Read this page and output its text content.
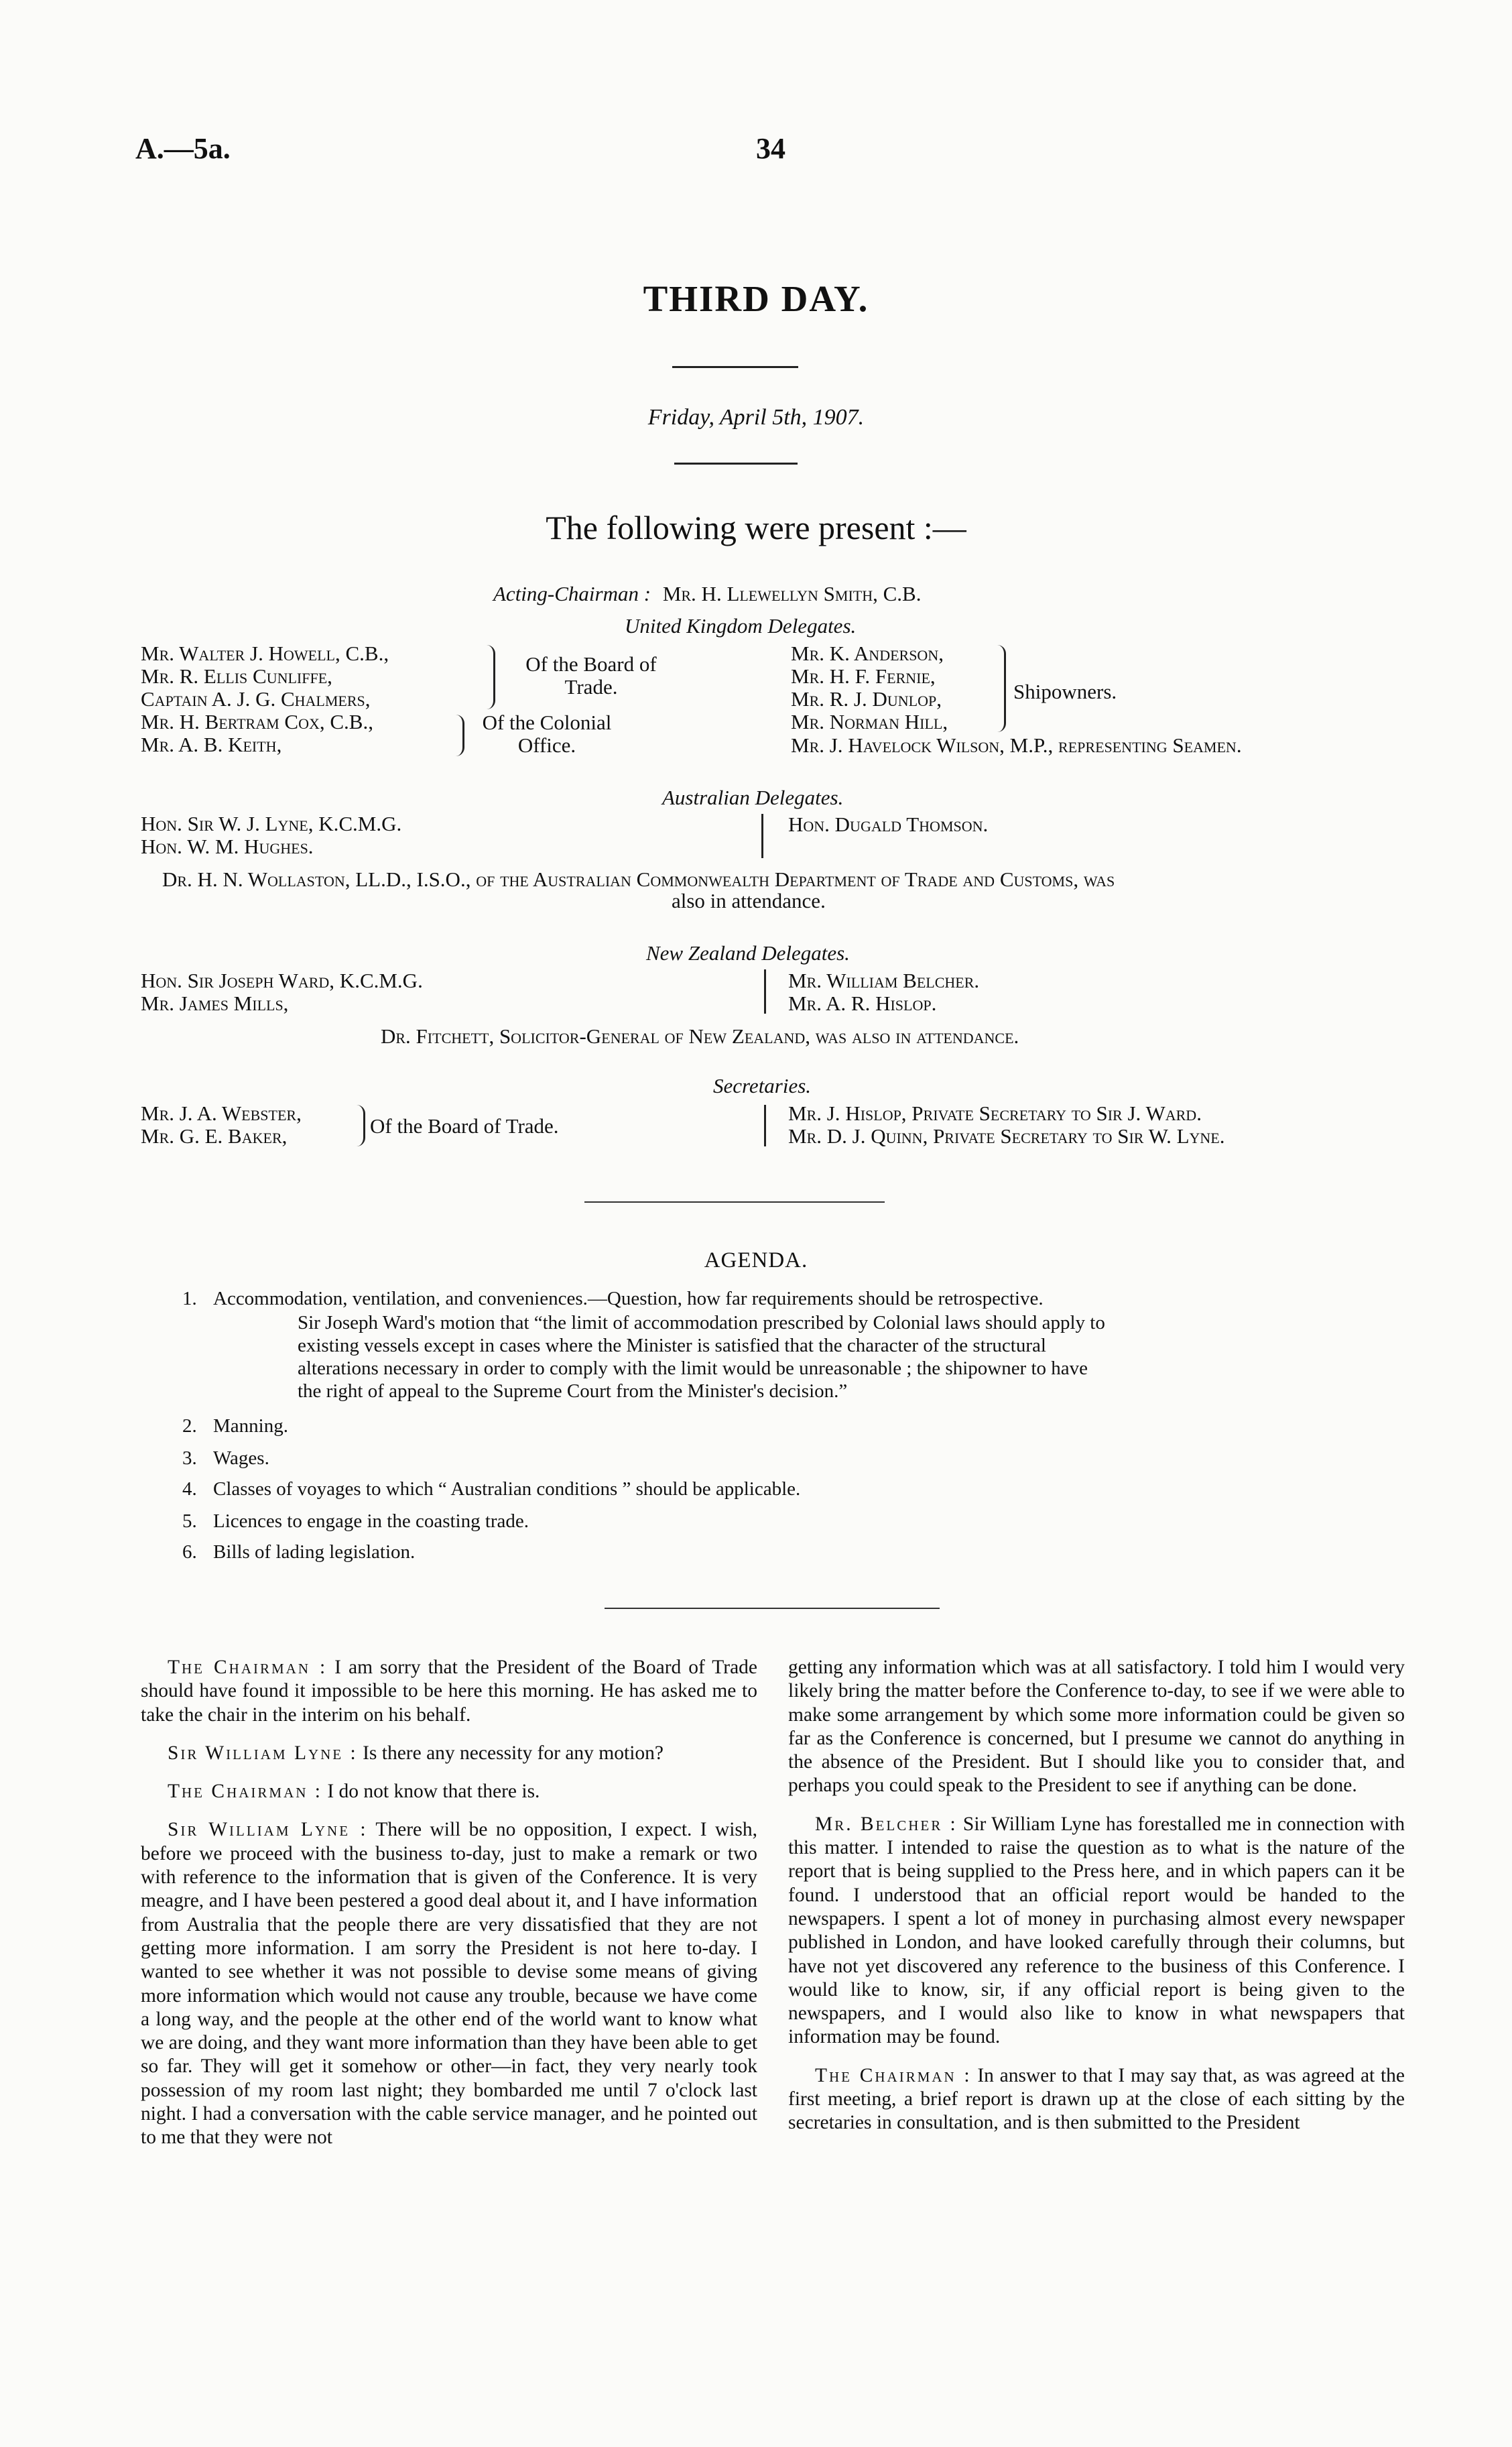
A.—5a.	34
THIRD DAY.
Friday, April 5th, 1907.
The following were present :—
Acting-Chairman : Mr. H. Llewellyn Smith, C.B.
United Kingdom Delegates.
Mr. Walter J. Howell, C.B.,
Mr. R. Ellis Cunliffe,
Captain A. J. G. Chalmers,
Mr. H. Bertram Cox, C.B.,
Mr. A. B. Keith,
Of the Board of Trade.
Of the Colonial Office.
Mr. K. Anderson,
Mr. H. F. Fernie,
Mr. R. J. Dunlop,
Mr. Norman Hill,
Shipowners.
Mr. J. Havelock Wilson, M.P., representing Seamen.
Australian Delegates.
Hon. Sir W. J. Lyne, K.C.M.G.
Hon. W. M. Hughes.
Hon. Dugald Thomson.
Dr. H. N. Wollaston, LL.D., I.S.O., of the Australian Commonwealth Department of Trade and Customs, was
also in attendance.
New Zealand Delegates.
Hon. Sir Joseph Ward, K.C.M.G.
Mr. James Mills,
Mr. William Belcher.
Mr. A. R. Hislop.
Dr. Fitchett, Solicitor-General of New Zealand, was also in attendance.
Secretaries.
Mr. J. A. Webster,
Mr. G. E. Baker,	Of the Board of Trade.
Mr. J. Hislop, Private Secretary to Sir J. Ward.
Mr. D. J. Quinn, Private Secretary to Sir W. Lyne.
AGENDA.
1. Accommodation, ventilation, and conveniences.—Question, how far requirements should be retrospective.
Sir Joseph Ward's motion that “the limit of accommodation prescribed by Colonial laws should apply to
existing vessels except in cases where the Minister is satisfied that the character of the structural
alterations necessary in order to comply with the limit would be unreasonable ; the shipowner to have
the right of appeal to the Supreme Court from the Minister's decision.”
2. Manning.
3. Wages.
4. Classes of voyages to which “ Australian conditions ” should be applicable.
5. Licences to engage in the coasting trade.
6. Bills of lading legislation.

The Chairman : I am sorry that the President of the Board of Trade should have found it impossible to be here this morning. He has asked me to take the chair in the interim on his behalf.

Sir William Lyne : Is there any necessity for any motion?

The Chairman : I do not know that there is.

Sir William Lyne : There will be no opposition, I expect. I wish, before we proceed with the business to-day, just to make a remark or two with reference to the information that is given of the Conference. It is very meagre, and I have been pestered a good deal about it, and I have information from Australia that the people there are very dissatisfied that they are not getting more information. I am sorry the President is not here to-day. I wanted to see whether it was not possible to devise some means of giving more information which would not cause any trouble, because we have come a long way, and the people at the other end of the world want to know what we are doing, and they want more information than they have been able to get so far. They will get it somehow or other—in fact, they very nearly took possession of my room last night; they bombarded me until 7 o'clock last night. I had a conversation with the cable service manager, and he pointed out to me that they were not

getting any information which was at all satisfactory. I told him I would very likely bring the matter before the Conference to-day, to see if we were able to make some arrangement by which some more information could be given so far as the Conference is concerned, but I presume we cannot do anything in the absence of the President. But I should like you to consider that, and perhaps you could speak to the President to see if anything can be done.

Mr. Belcher : Sir William Lyne has forestalled me in connection with this matter. I intended to raise the question as to what is the nature of the report that is being supplied to the Press here, and in which papers can it be found. I understood that an official report would be handed to the newspapers. I spent a lot of money in purchasing almost every newspaper published in London, and have looked carefully through their columns, but have not yet discovered any reference to the business of this Conference. I would like to know, sir, if any official report is being given to the newspapers, and I would also like to know in what newspapers that information may be found.

The Chairman : In answer to that I may say that, as was agreed at the first meeting, a brief report is drawn up at the close of each sitting by the secretaries in consultation, and is then submitted to the President
